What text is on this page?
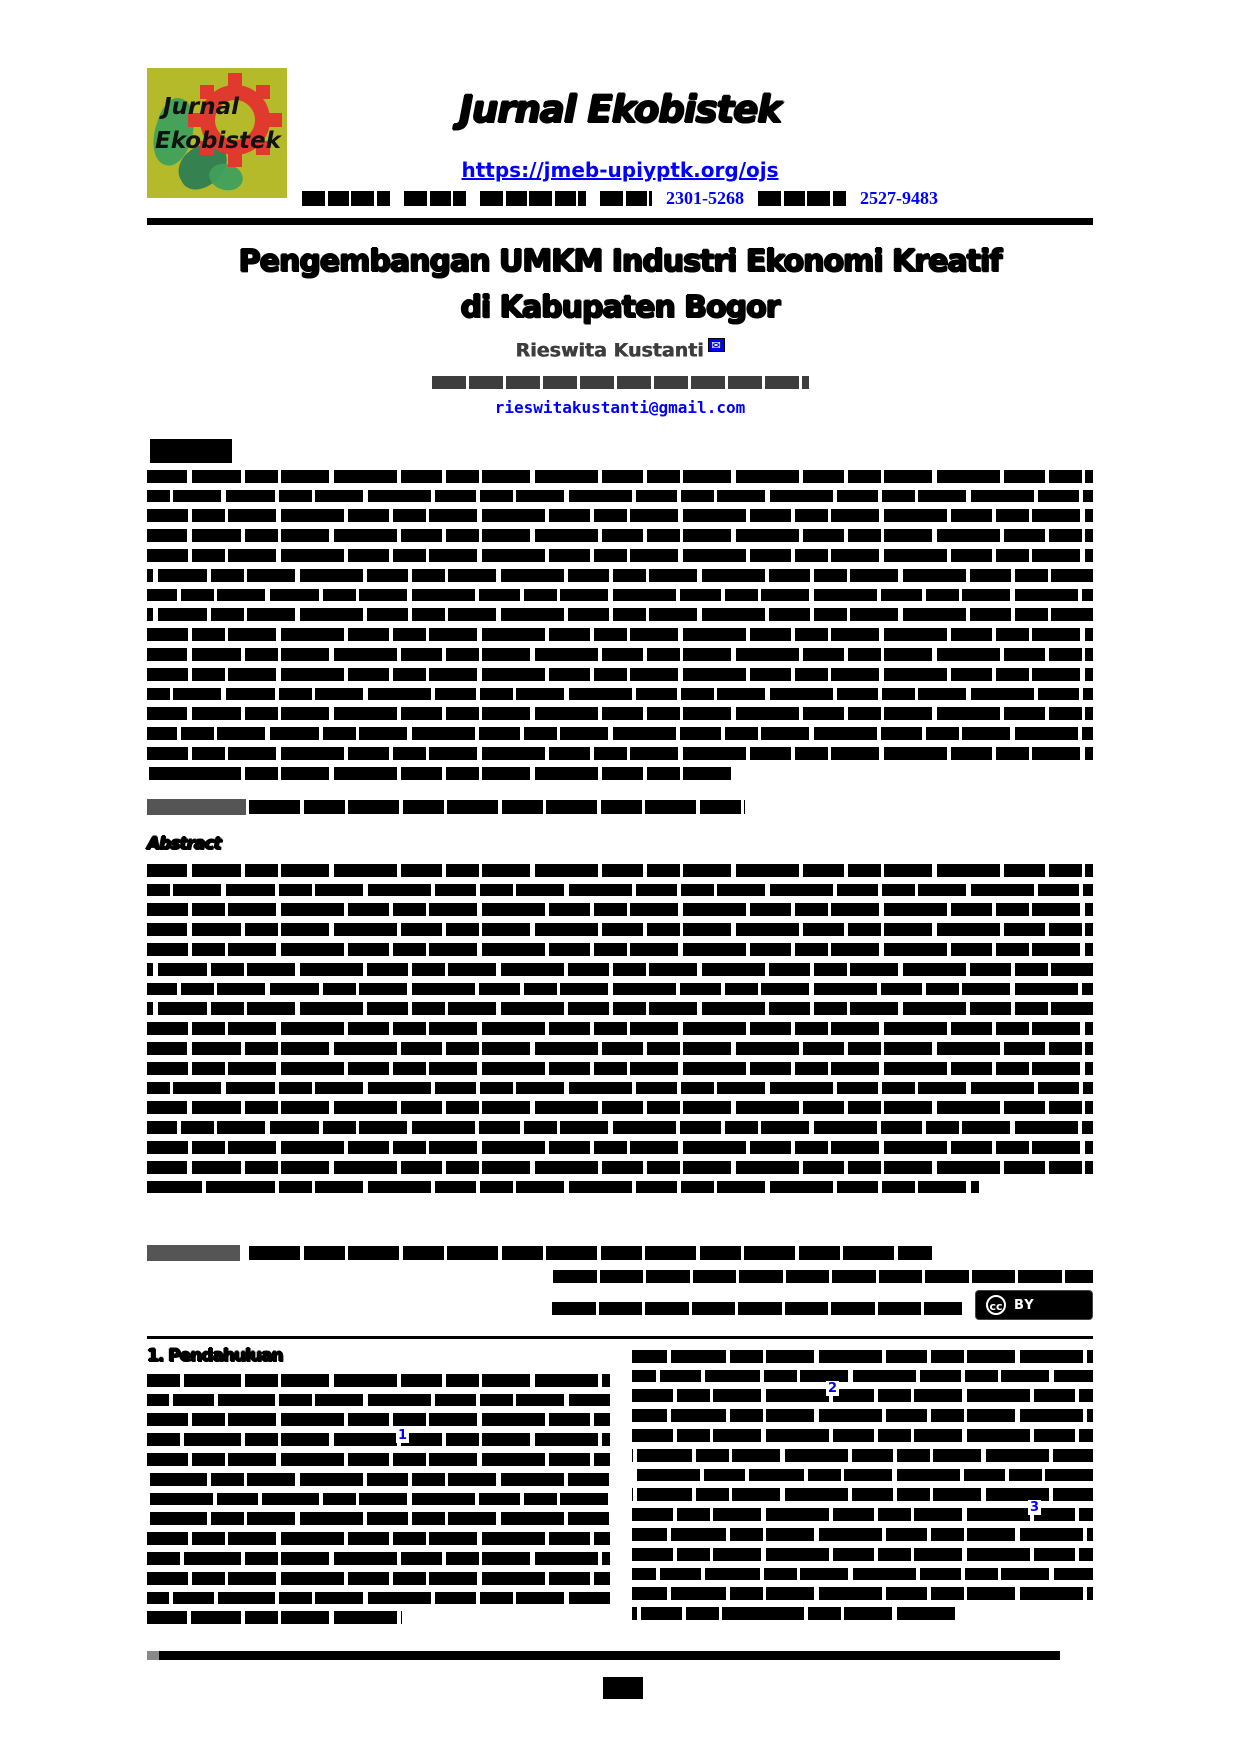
Jurnal
Ekobistek
Jurnal Ekobistek
https://jmeb-upiyptk.org/ojs
2301-5268	2527-9483
Pengembangan UMKM Industri Ekonomi Kreatif
di Kabupaten Bogor
Rieswita Kustanti ✉
rieswitakustanti@gmail.com
Abstrak
Kata kunci :
Abstract
Keywords :
cc BY
1. Pendahuluan
2
1
3
